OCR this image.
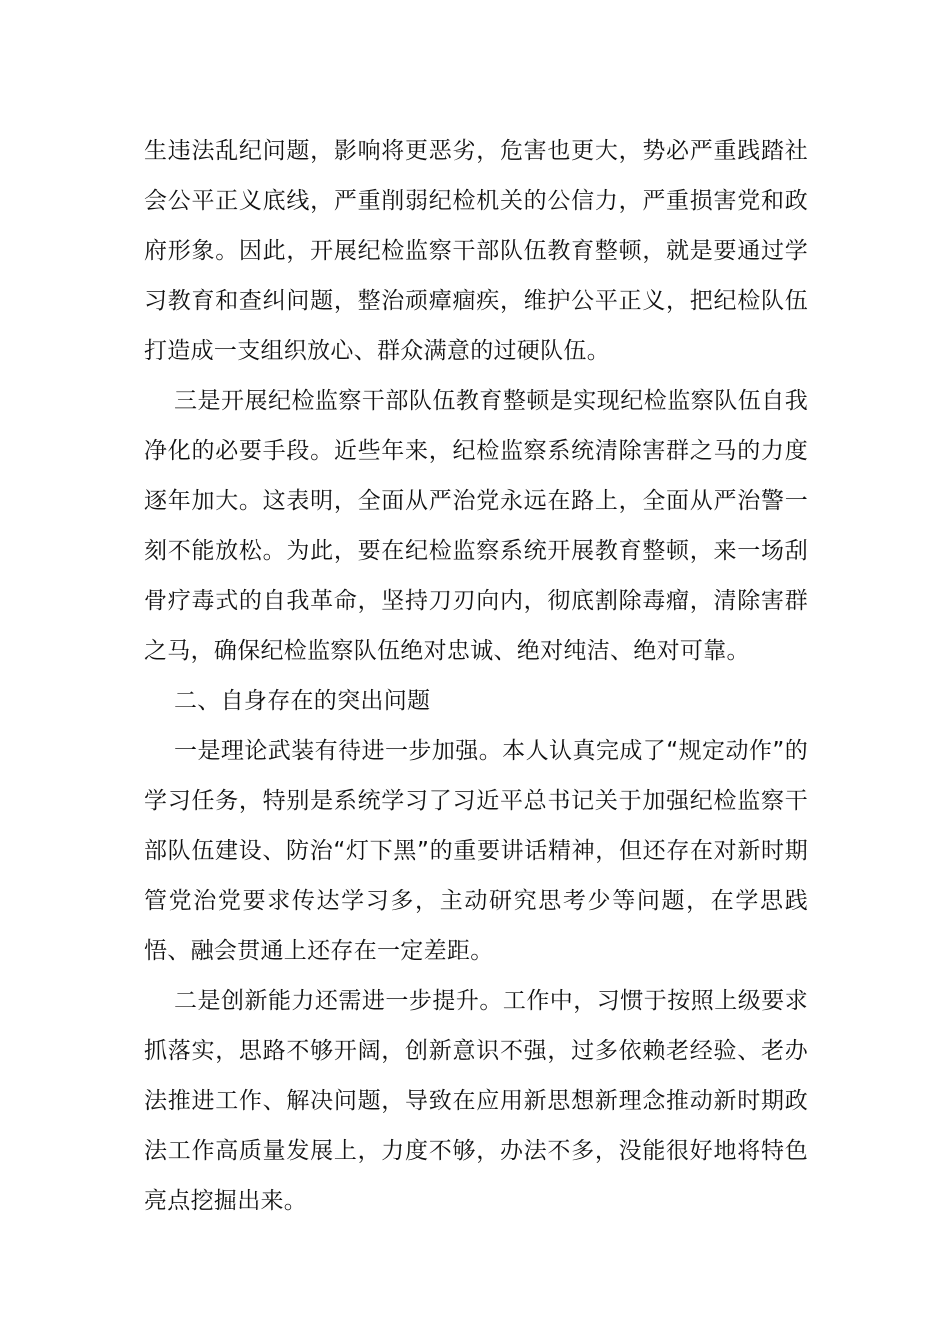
生违法乱纪问题，影响将更恶劣，危害也更大，势必严重践踏社会公平正义底线，严重削弱纪检机关的公信力，严重损害党和政府形象。因此，开展纪检监察干部队伍教育整顿，就是要通过学习教育和查纠问题，整治顽瘴痼疾，维护公平正义，把纪检队伍打造成一支组织放心、群众满意的过硬队伍。

三是开展纪检监察干部队伍教育整顿是实现纪检监察队伍自我净化的必要手段。近些年来，纪检监察系统清除害群之马的力度逐年加大。这表明，全面从严治党永远在路上，全面从严治警一刻不能放松。为此，要在纪检监察系统开展教育整顿，来一场刮骨疗毒式的自我革命，坚持刀刃向内，彻底割除毒瘤，清除害群之马，确保纪检监察队伍绝对忠诚、绝对纯洁、绝对可靠。

二、自身存在的突出问题

一是理论武装有待进一步加强。本人认真完成了“规定动作”的学习任务，特别是系统学习了习近平总书记关于加强纪检监察干部队伍建设、防治“灯下黑”的重要讲话精神，但还存在对新时期管党治党要求传达学习多，主动研究思考少等问题，在学思践悟、融会贯通上还存在一定差距。

二是创新能力还需进一步提升。工作中，习惯于按照上级要求抓落实，思路不够开阔，创新意识不强，过多依赖老经验、老办法推进工作、解决问题，导致在应用新思想新理念推动新时期政法工作高质量发展上，力度不够，办法不多，没能很好地将特色亮点挖掘出来。
